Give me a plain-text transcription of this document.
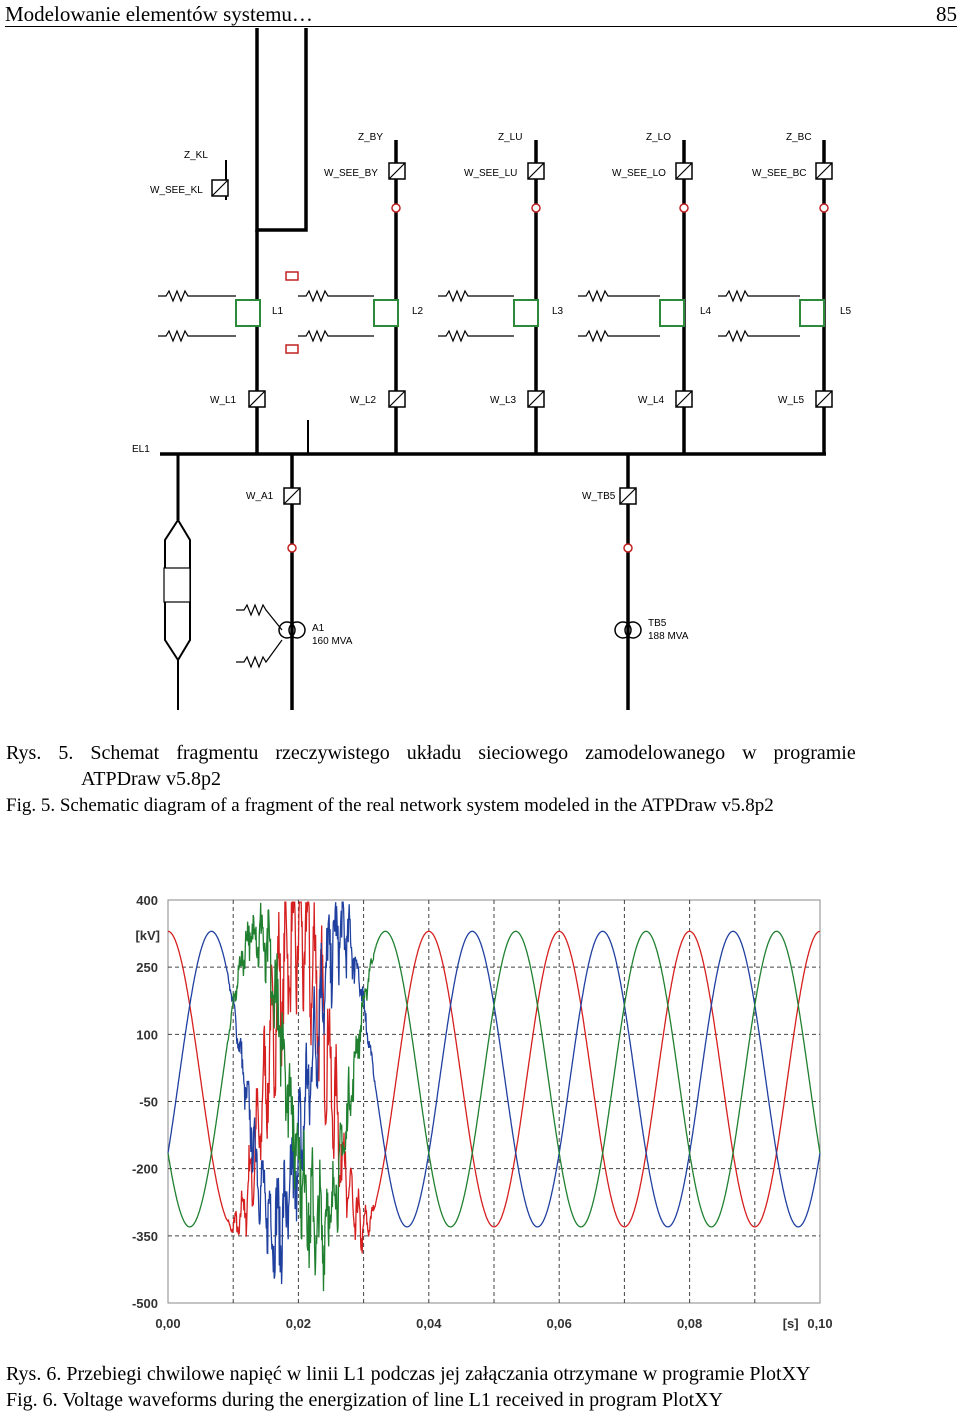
Modelowanie elementów systemu…	85
Z_KL
W_SEE_KL
Z_BY
W_SEE_BY
Z_LU
W_SEE_LU
Z_LO
W_SEE_LO
Z_BC
W_SEE_BC
L1	L2	L3	L4	L5
W_L1	W_L2	W_L3	W_L4	W_L5
EL1
W_A1	W_TB5
A1
160 MVA
TB5
188 MVA
Rys. 5. Schemat fragmentu rzeczywistego układu sieciowego zamodelowanego w programie
ATPDraw v5.8p2
Fig. 5. Schematic diagram of a fragment of the real network system modeled in the ATPDraw v5.8p2
400
250
100
-50
-200
-350
-500
[kV]
0,00	0,02	0,04	0,06	0,08	[s] 0,10
Rys. 6. Przebiegi chwilowe napięć w linii L1 podczas jej załączania otrzymane w programie PlotXY
Fig. 6. Voltage waveforms during the energization of line L1 received in program PlotXY
